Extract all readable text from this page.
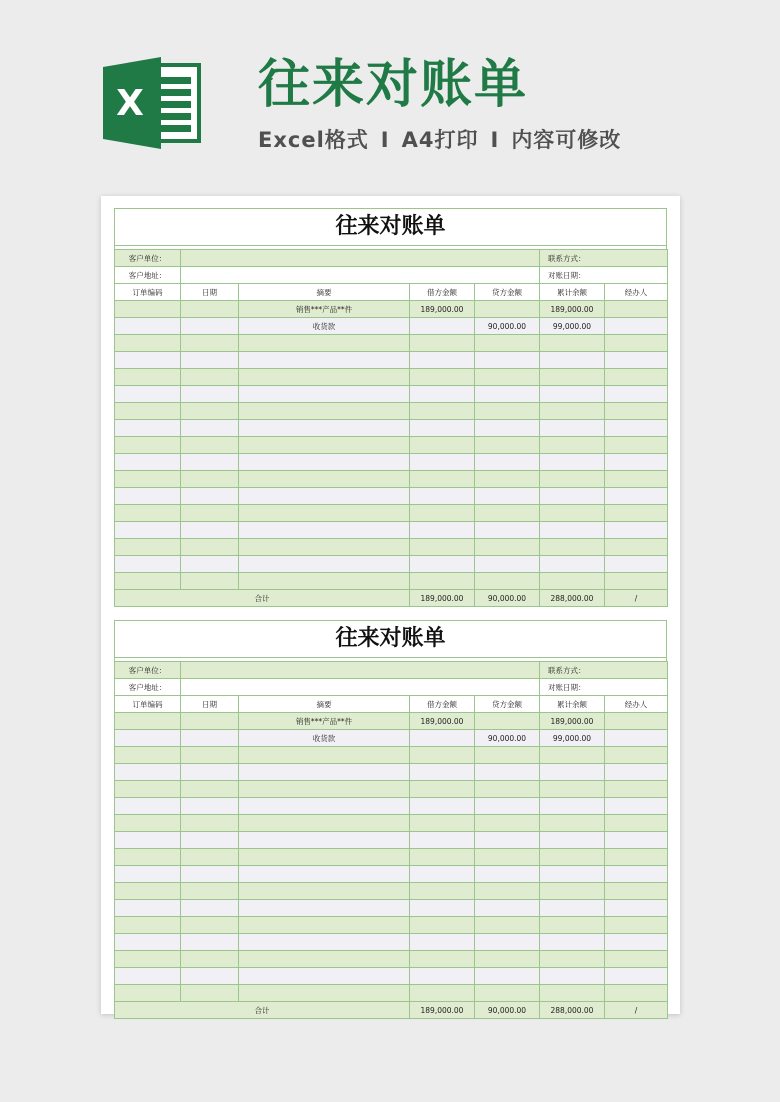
X 往来对账单
Excel格式 I A4打印 I 内容可修改
往来对账单
客户单位：					联系方式：	
客户地址：					对账日期：	
订单编码	日期	摘要	借方金额	贷方金额	累计余额	经办人
		销售***产品**件	189,000.00		189,000.00	
		收货款		90,000.00	99,000.00	

合计			189,000.00	90,000.00	288,000.00	/
往来对账单
客户单位：					联系方式：	
客户地址：					对账日期：	
订单编码	日期	摘要	借方金额	贷方金额	累计余额	经办人
		销售***产品**件	189,000.00		189,000.00	
		收货款		90,000.00	99,000.00	

合计			189,000.00	90,000.00	288,000.00	/
